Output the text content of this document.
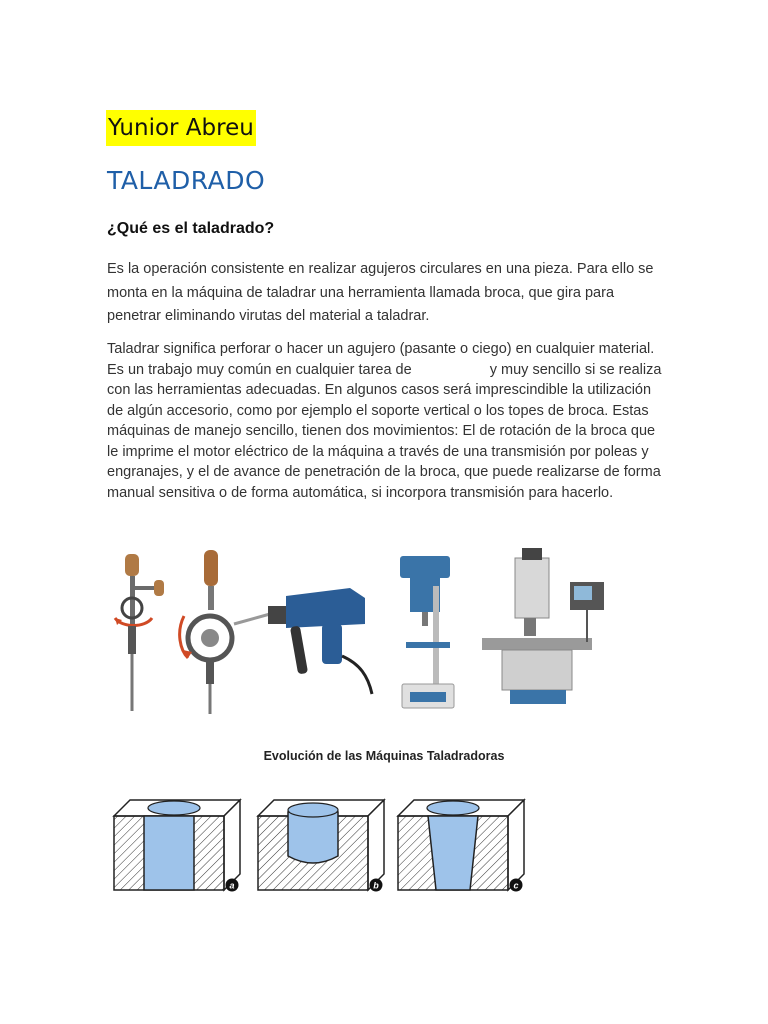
Yunior Abreu
TALADRADO
¿Qué es el taladrado?

Es la operación consistente en realizar agujeros circulares en una pieza. Para ello se monta en la máquina de taladrar una herramienta llamada broca, que gira para penetrar eliminando virutas del material a taladrar.

Taladrar significa perforar o hacer un agujero (pasante o ciego) en cualquier material. Es un trabajo muy común en cualquier tarea de	y muy sencillo si se realiza con las herramientas adecuadas. En algunos casos será imprescindible la utilización de algún accesorio, como por ejemplo el soporte vertical o los topes de broca. Estas máquinas de manejo sencillo, tienen dos movimientos: El de rotación de la broca que le imprime el motor eléctrico de la máquina a través de una transmisión por poleas y engranajes, y el de avance de penetración de la broca, que puede realizarse de forma manual sensitiva o de forma automática, si incorpora transmisión para hacerlo.

Evolución de las Máquinas Taladradoras
a	b	c
